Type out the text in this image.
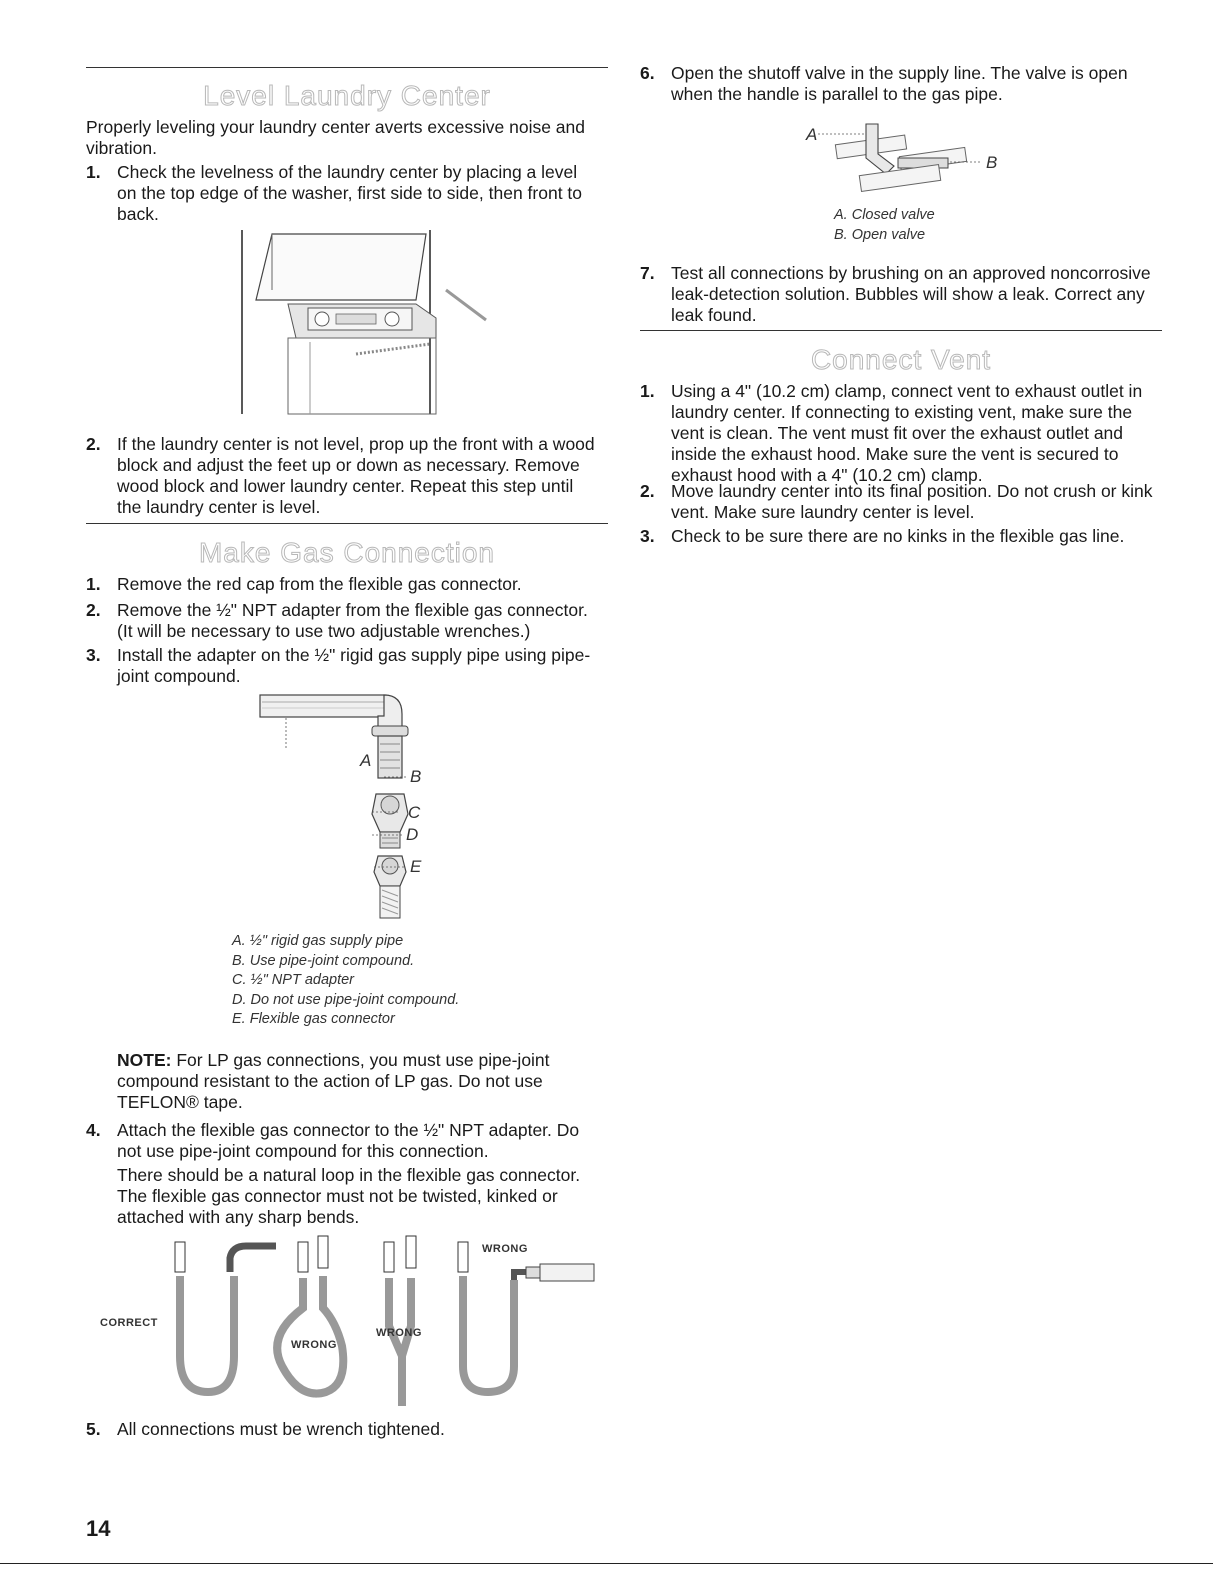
Level Laundry Center

Properly leveling your laundry center averts excessive noise and vibration.

1. Check the levelness of the laundry center by placing a level on the top edge of the washer, first side to side, then front to back.
2. If the laundry center is not level, prop up the front with a wood block and adjust the feet up or down as necessary. Remove wood block and lower laundry center. Repeat this step until the laundry center is level.
Make Gas Connection
1. Remove the red cap from the flexible gas connector.
2. Remove the ½" NPT adapter from the flexible gas connector. (It will be necessary to use two adjustable wrenches.)
3. Install the adapter on the ½" rigid gas supply pipe using pipe-joint compound.
A
B
C
D
E
A. ½" rigid gas supply pipe
B. Use pipe-joint compound.
C. ½" NPT adapter
D. Do not use pipe-joint compound.
E. Flexible gas connector

NOTE: For LP gas connections, you must use pipe-joint compound resistant to the action of LP gas. Do not use TEFLON® tape.

4. Attach the flexible gas connector to the ½" NPT adapter. Do not use pipe-joint compound for this connection.

There should be a natural loop in the flexible gas connector. The flexible gas connector must not be twisted, kinked or attached with any sharp bends.

CORRECT
WRONG
WRONG
WRONG
5. All connections must be wrench tightened.
14
6. Open the shutoff valve in the supply line. The valve is open when the handle is parallel to the gas pipe.
A
B
A. Closed valve
B. Open valve
7. Test all connections by brushing on an approved noncorrosive leak-detection solution. Bubbles will show a leak. Correct any leak found.
Connect Vent
1. Using a 4" (10.2 cm) clamp, connect vent to exhaust outlet in laundry center. If connecting to existing vent, make sure the vent is clean. The vent must fit over the exhaust outlet and inside the exhaust hood. Make sure the vent is secured to exhaust hood with a 4" (10.2 cm) clamp.
2. Move laundry center into its final position. Do not crush or kink vent. Make sure laundry center is level.
3. Check to be sure there are no kinks in the flexible gas line.
